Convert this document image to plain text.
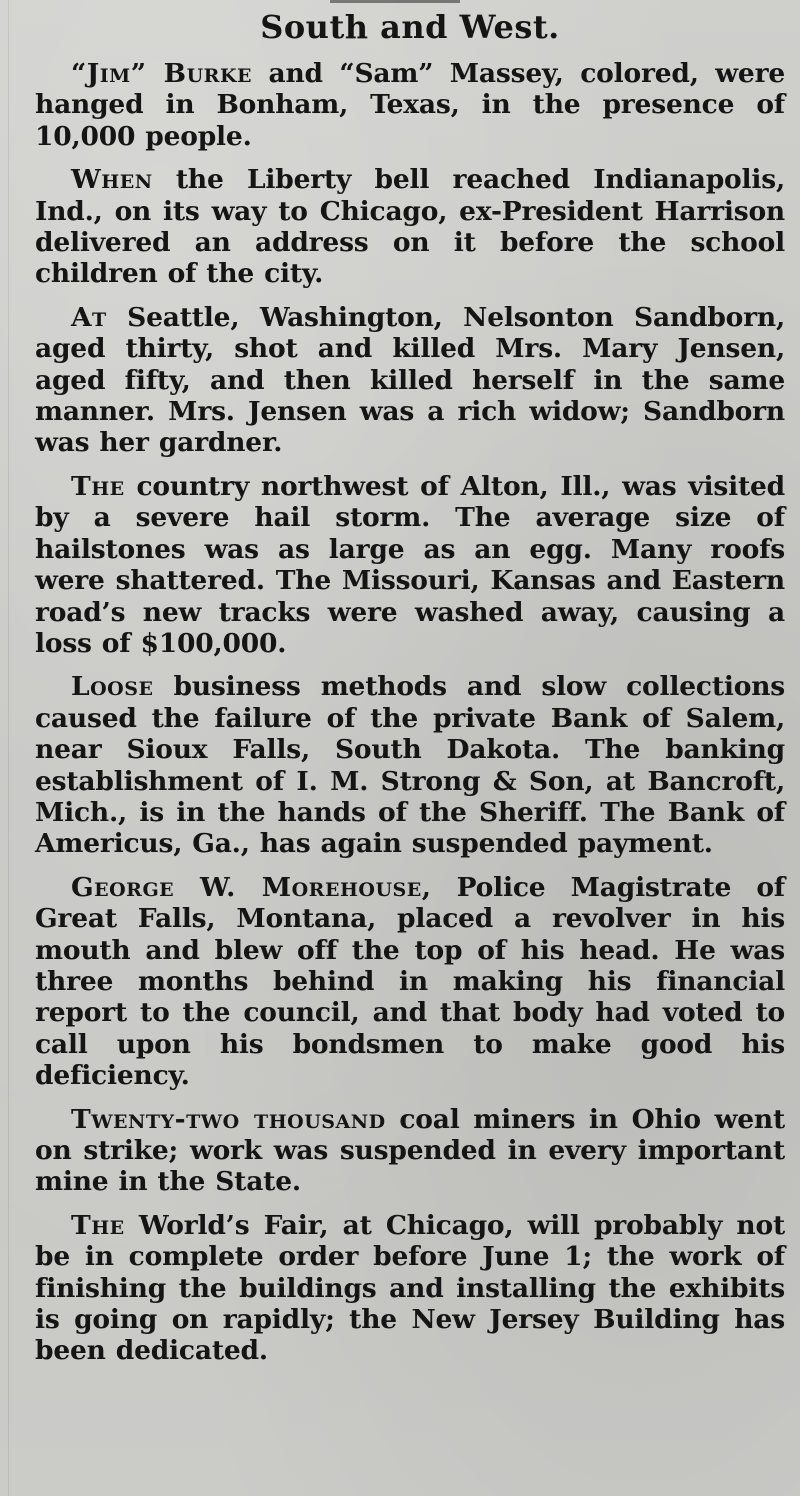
South and West.

“Jim” Burke and “Sam” Massey, colored, were hanged in Bonham, Texas, in the presence of 10,000 people.

When the Liberty bell reached Indianapolis, Ind., on its way to Chicago, ex-President Harrison delivered an address on it before the school children of the city.

At Seattle, Washington, Nelsonton Sandborn, aged thirty, shot and killed Mrs. Mary Jensen, aged fifty, and then killed herself in the same manner. Mrs. Jensen was a rich widow; Sandborn was her gardner.

The country northwest of Alton, Ill., was visited by a severe hail storm. The average size of hailstones was as large as an egg. Many roofs were shattered. The Missouri, Kansas and Eastern road’s new tracks were washed away, causing a loss of $100,000.

Loose business methods and slow collections caused the failure of the private Bank of Salem, near Sioux Falls, South Dakota. The banking establishment of I. M. Strong & Son, at Bancroft, Mich., is in the hands of the Sheriff. The Bank of Americus, Ga., has again suspended payment.

George W. Morehouse, Police Magistrate of Great Falls, Montana, placed a revolver in his mouth and blew off the top of his head. He was three months behind in making his financial report to the council, and that body had voted to call upon his bondsmen to make good his deficiency.

Twenty-two thousand coal miners in Ohio went on strike; work was suspended in every important mine in the State.

The World’s Fair, at Chicago, will probably not be in complete order before June 1; the work of finishing the buildings and installing the exhibits is going on rapidly; the New Jersey Building has been dedicated.
